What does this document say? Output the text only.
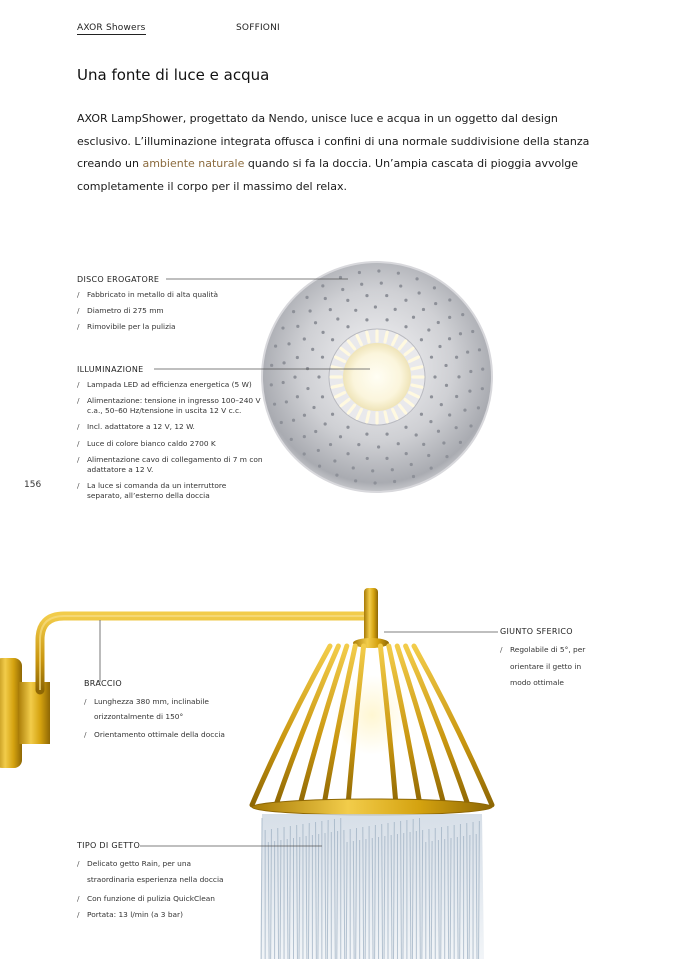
AXOR Showers	SOFFIONI
Una fonte di luce e acqua

AXOR LampShower, progettato da Nendo, unisce luce e acqua in un oggetto dal design esclusivo. L’illuminazione integrata offusca i confini di una normale suddivisione della stanza creando un ambiente naturale quando si fa la doccia. Un’ampia cascata di pioggia avvolge completamente il corpo per il massimo del relax.

DISCO EROGATORE
/ Fabbricato in metallo di alta qualità
/ Diametro di 275 mm
/ Rimovibile per la pulizia
ILLUMINAZIONE
/ Lampada LED ad efficienza energetica (5 W)
/ Alimentazione: tensione in ingresso 100–240 V c.a., 50–60 Hz/tensione in uscita 12 V c.c.
/ Incl. adattatore a 12 V, 12 W.
/ Luce di colore bianco caldo 2700 K
/ Alimentazione cavo di collegamento di 7 m con adattatore a 12 V.
/ La luce si comanda da un interruttore separato, all’esterno della doccia
156
GIUNTO SFERICO
/ Regolabile di 5°, per orientare il getto in modo ottimale
BRACCIO
/ Lunghezza 380 mm, inclinabile orizzontalmente di 150°
/ Orientamento ottimale della doccia
TIPO DI GETTO
/ Delicato getto Rain, per una straordinaria esperienza nella doccia
/ Con funzione di pulizia QuickClean
/ Portata: 13 l/min (a 3 bar)
